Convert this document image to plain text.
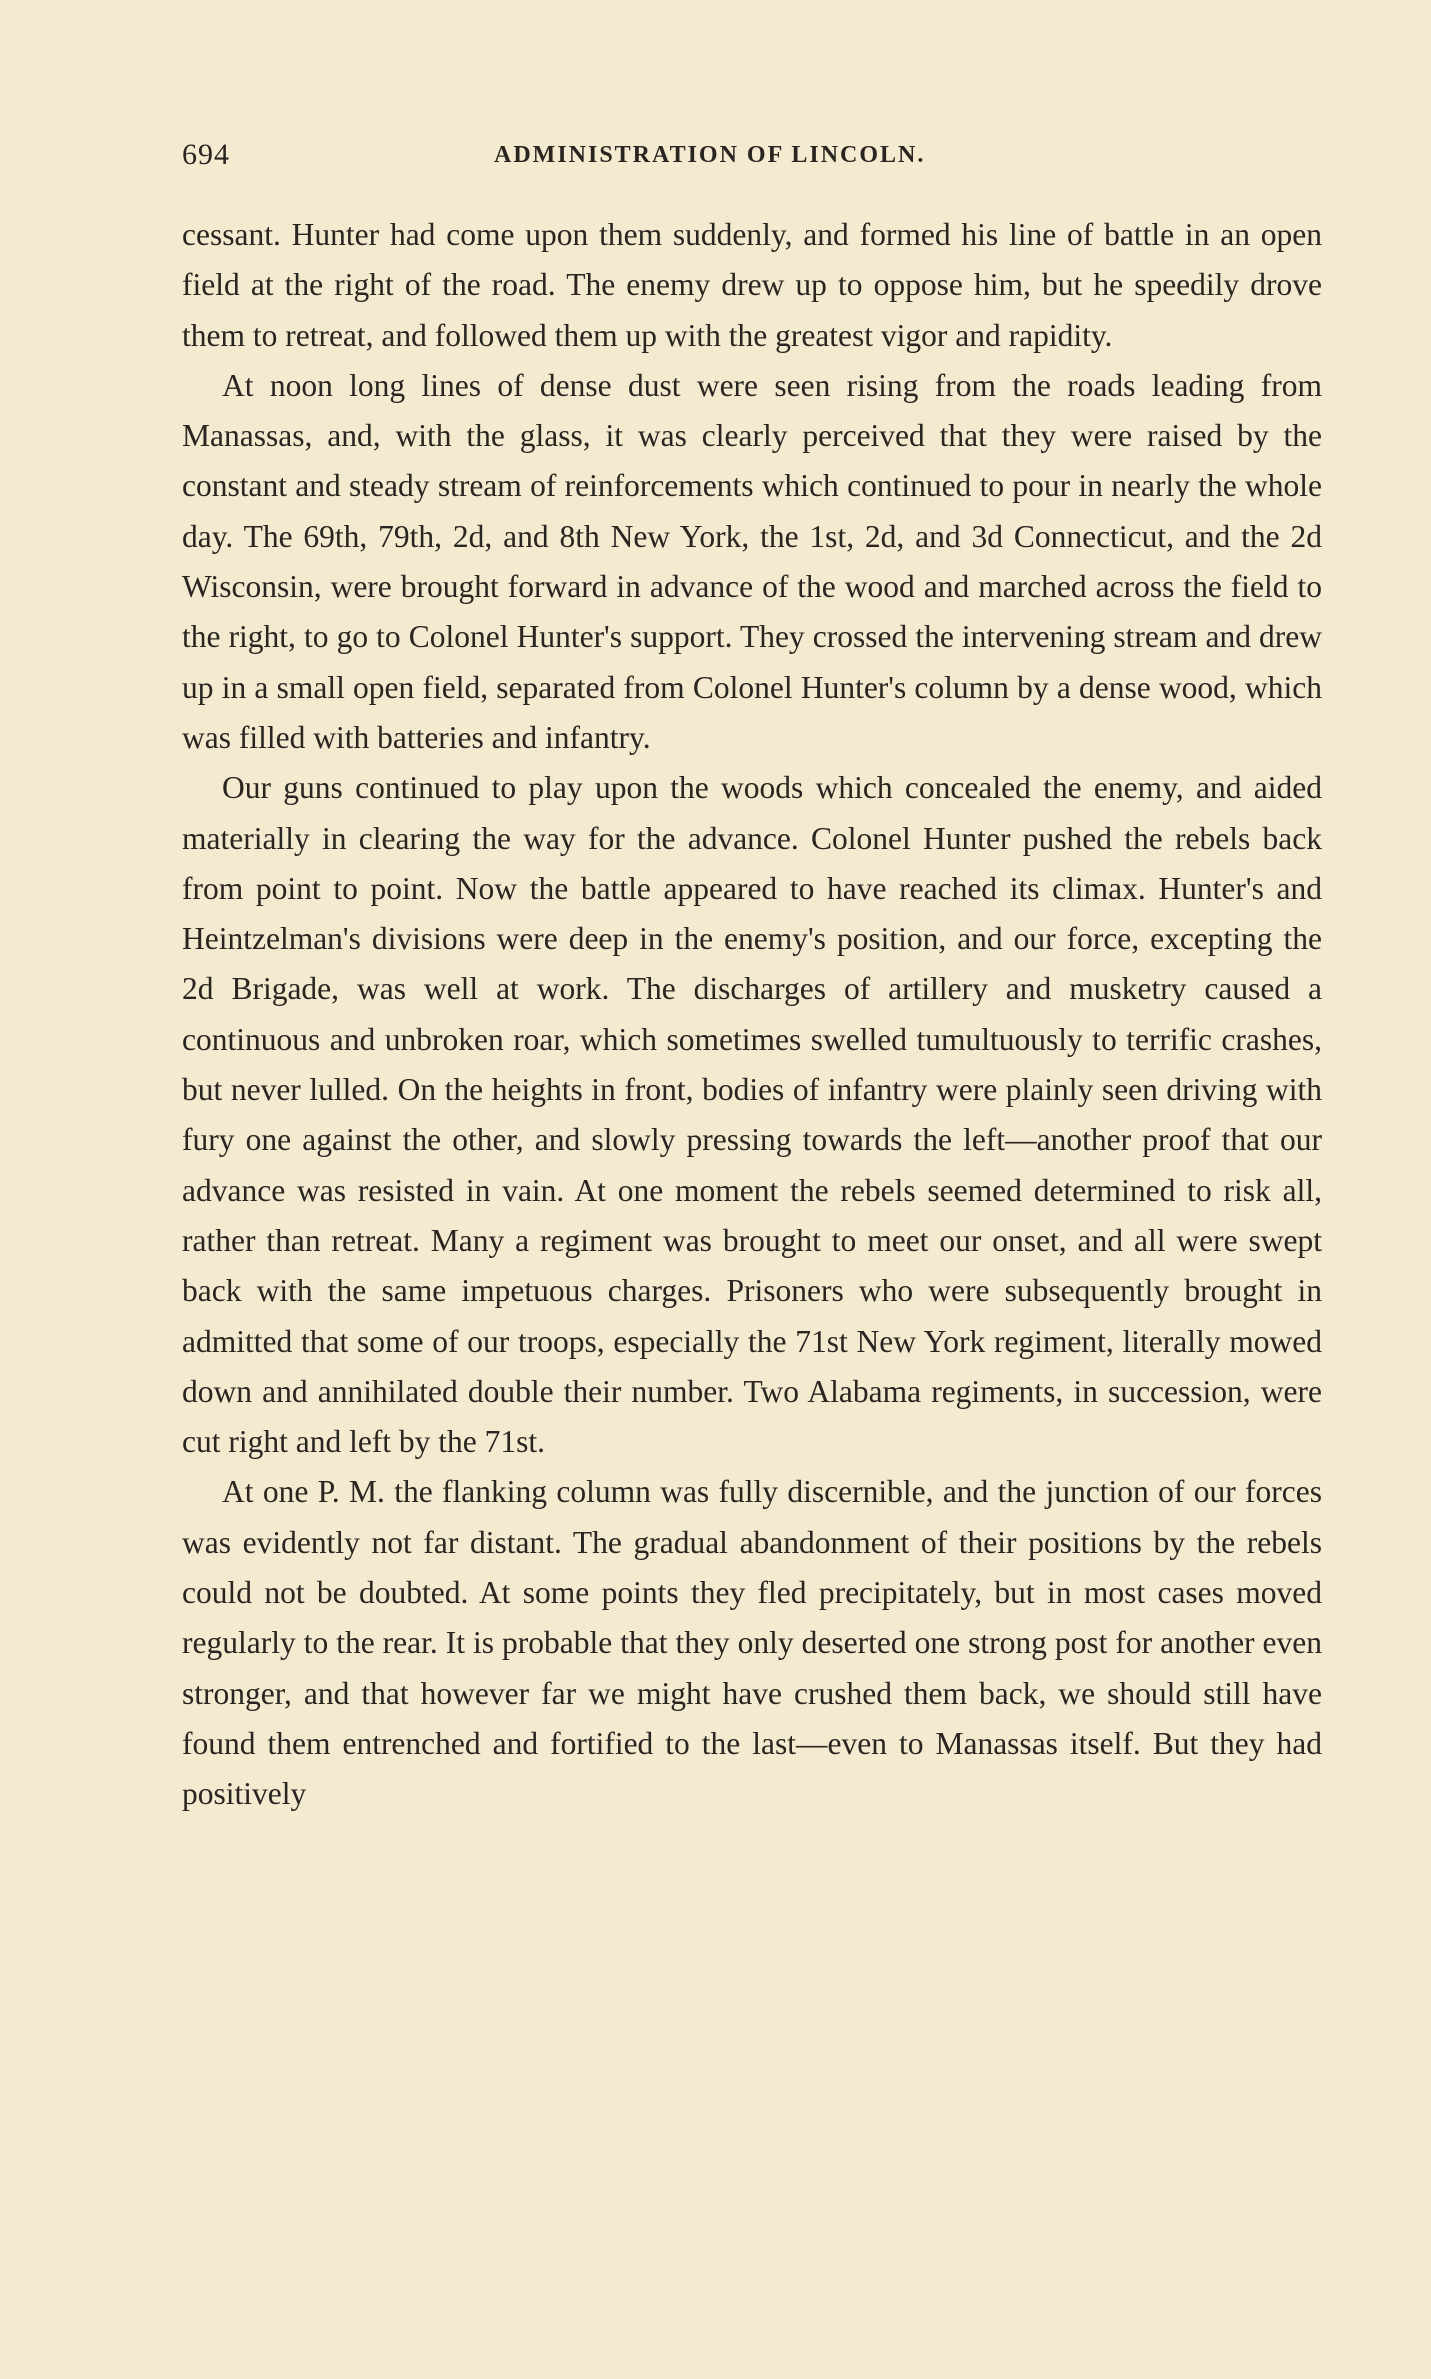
694	ADMINISTRATION OF LINCOLN.

cessant. Hunter had come upon them suddenly, and formed his line of battle in an open field at the right of the road. The enemy drew up to oppose him, but he speedily drove them to retreat, and followed them up with the greatest vigor and rapidity.

At noon long lines of dense dust were seen rising from the roads leading from Manassas, and, with the glass, it was clearly perceived that they were raised by the constant and steady stream of reinforcements which continued to pour in nearly the whole day. The 69th, 79th, 2d, and 8th New York, the 1st, 2d, and 3d Connecticut, and the 2d Wisconsin, were brought forward in advance of the wood and marched across the field to the right, to go to Colonel Hunter's support. They crossed the intervening stream and drew up in a small open field, separated from Colonel Hunter's column by a dense wood, which was filled with batteries and infantry.

Our guns continued to play upon the woods which concealed the enemy, and aided materially in clearing the way for the advance. Colonel Hunter pushed the rebels back from point to point. Now the battle appeared to have reached its climax. Hunter's and Heintzelman's divisions were deep in the enemy's position, and our force, excepting the 2d Brigade, was well at work. The discharges of artillery and musketry caused a continuous and unbroken roar, which sometimes swelled tumultuously to terrific crashes, but never lulled. On the heights in front, bodies of infantry were plainly seen driving with fury one against the other, and slowly pressing towards the left—another proof that our advance was resisted in vain. At one moment the rebels seemed determined to risk all, rather than retreat. Many a regiment was brought to meet our onset, and all were swept back with the same impetuous charges. Prisoners who were subsequently brought in admitted that some of our troops, especially the 71st New York regiment, literally mowed down and annihilated double their number. Two Alabama regiments, in succession, were cut right and left by the 71st.

At one P. M. the flanking column was fully discernible, and the junction of our forces was evidently not far distant. The gradual abandonment of their positions by the rebels could not be doubted. At some points they fled precipitately, but in most cases moved regularly to the rear. It is probable that they only deserted one strong post for another even stronger, and that however far we might have crushed them back, we should still have found them entrenched and fortified to the last—even to Manassas itself. But they had positively
